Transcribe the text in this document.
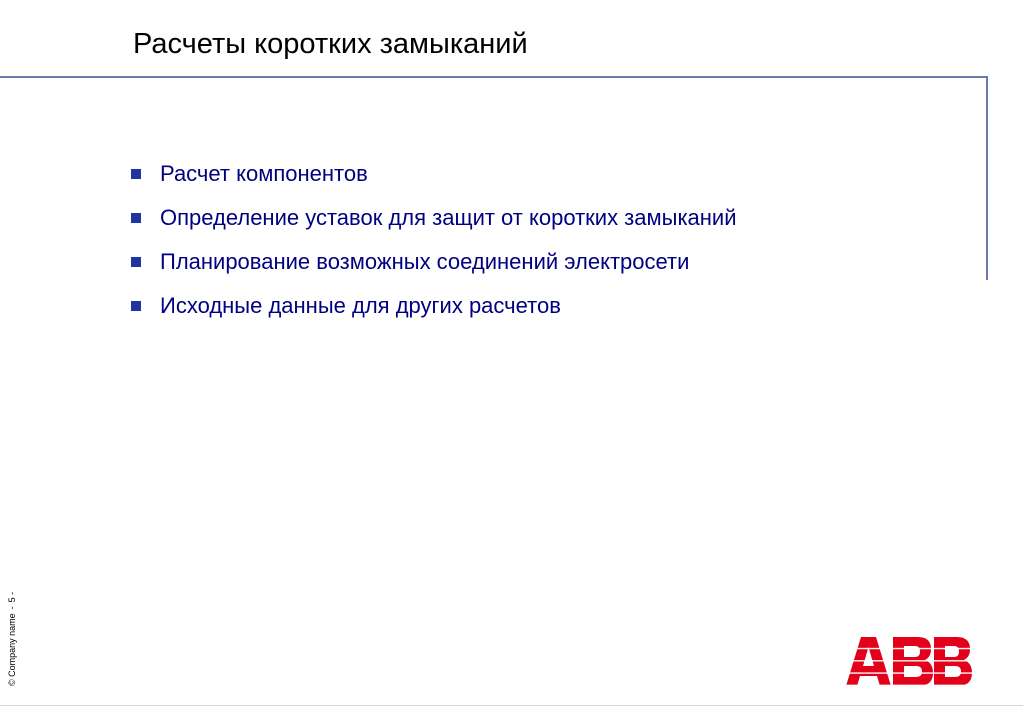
Расчеты коротких замыканий
Расчет компонентов
Определение уставок для защит от коротких замыканий
Планирование возможных соединений электросети
Исходные данные для других расчетов
© Company name-5 -
